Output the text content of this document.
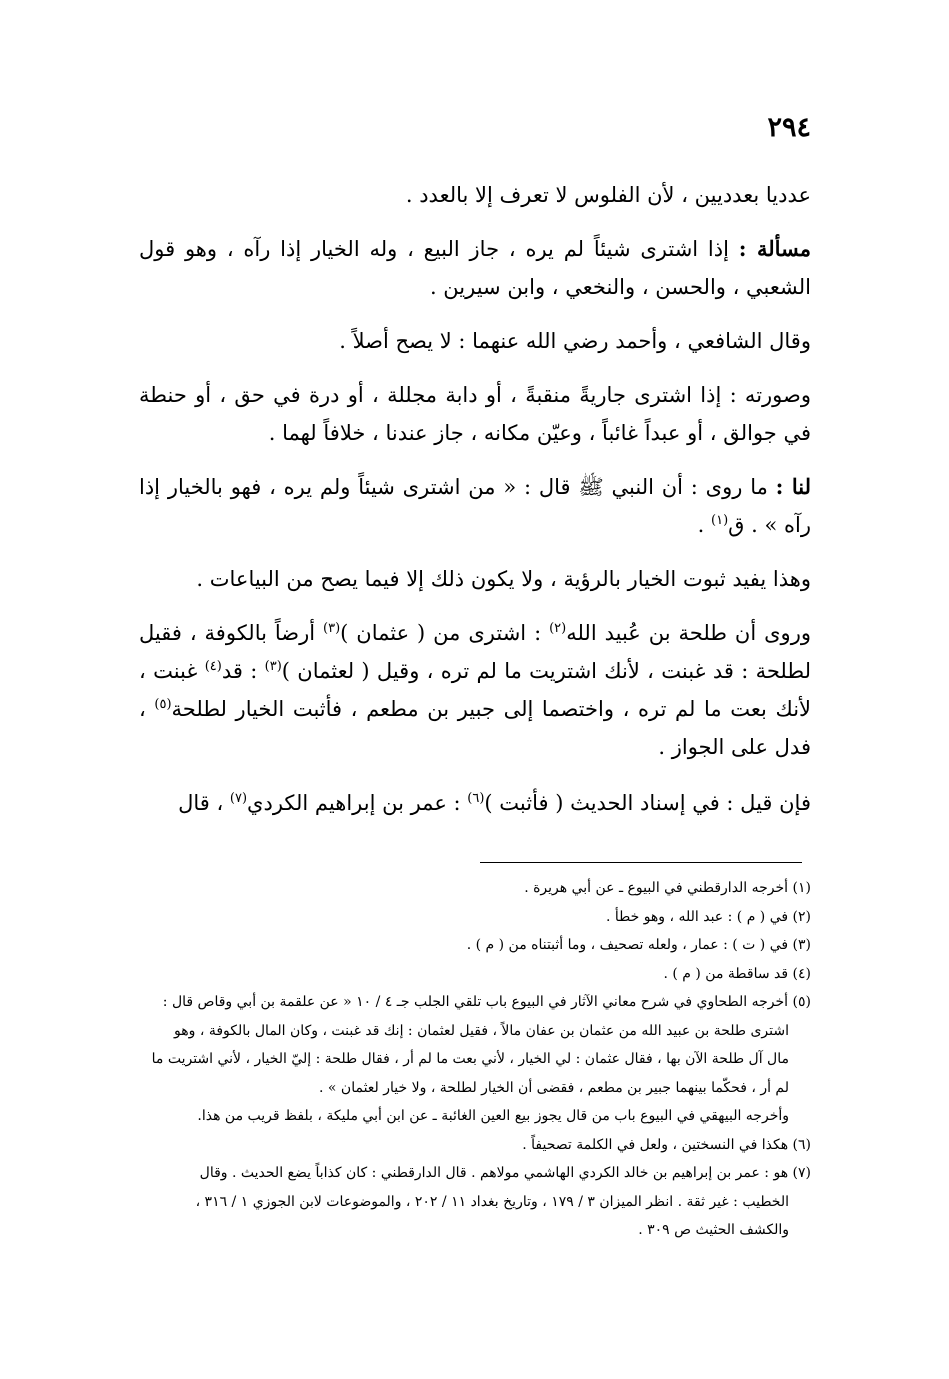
٢٩٤

عدديا بعدديين ، لأن الفلوس لا تعرف إلا بالعدد .

مسألة : إذا اشترى شيئاً لم يره ، جاز البيع ، وله الخيار إذا رآه ، وهو قول الشعبي ، والحسن ، والنخعي ، وابن سيرين .

وقال الشافعي ، وأحمد رضي الله عنهما : لا يصح أصلاً .

وصورته : إذا اشترى جاريةً منقبةً ، أو دابة مجللة ، أو درة في حق ، أو حنطة في جوالق ، أو عبداً غائباً ، وعيّن مكانه ، جاز عندنا ، خلافاً لهما .

لنا : ما روى : أن النبي ﷺ قال : « من اشترى شيئاً ولم يره ، فهو بالخيار إذا رآه » . ق$^{(١)}$ .

وهذا يفيد ثبوت الخيار بالرؤية ، ولا يكون ذلك إلا فيما يصح من البياعات .

وروى أن طلحة بن عُبيد الله$^{(٢)}$ : اشترى من ( عثمان )$^{(٣)}$ أرضاً بالكوفة ، فقيل لطلحة : قد غبنت ، لأنك اشتريت ما لم تره ، وقيل ( لعثمان )$^{(٣)}$ : قد$^{(٤)}$ غبنت ، لأنك بعت ما لم تره ، واختصما إلى جبير بن مطعم ، فأثبت الخيار لطلحة$^{(٥)}$ ، فدل على الجواز .

فإن قيل : في إسناد الحديث ( فأثبت )$^{(٦)}$ : عمر بن إبراهيم الكردي$^{(٧)}$ ، قال

(١) أخرجه الدارقطني في البيوع ـ عن أبي هريرة .

(٢) في ( م ) : عبد الله ، وهو خطأ .

(٣) في ( ت ) : عمار ، ولعله تصحيف ، وما أثبتناه من ( م ) .

(٤) قد ساقطة من ( م ) .

(٥) أخرجه الطحاوي في شرح معاني الآثار في البيوع باب تلقي الجلب جـ ٤ / ١٠ « عن علقمة بن أبي وقاص قال :

اشترى طلحة بن عبيد الله من عثمان بن عفان مالاً ، فقيل لعثمان : إنك قد غبنت ، وكان المال بالكوفة ، وهو

مال آل طلحة الآن بها ، فقال عثمان : لي الخيار ، لأني بعت ما لم أر ، فقال طلحة : إليّ الخيار ، لأني اشتريت ما

لم أر ، فحكّما بينهما جبير بن مطعم ، فقضى أن الخيار لطلحة ، ولا خيار لعثمان » .

وأخرجه البيهقي في البيوع باب من قال يجوز بيع العين الغائبة ـ عن ابن أبي مليكة ، بلفظ قريب من هذا.

(٦) هكذا في النسختين ، ولعل في الكلمة تصحيفاً .

(٧) هو : عمر بن إبراهيم بن خالد الكردي الهاشمي مولاهم . قال الدارقطني : كان كذاباً يضع الحديث . وقال

الخطيب : غير ثقة . انظر الميزان ٣ / ١٧٩ ، وتاريخ بغداد ١١ / ٢٠٢ ، والموضوعات لابن الجوزي ١ / ٣١٦ ،

والكشف الحثيث ص ٣٠٩ .
